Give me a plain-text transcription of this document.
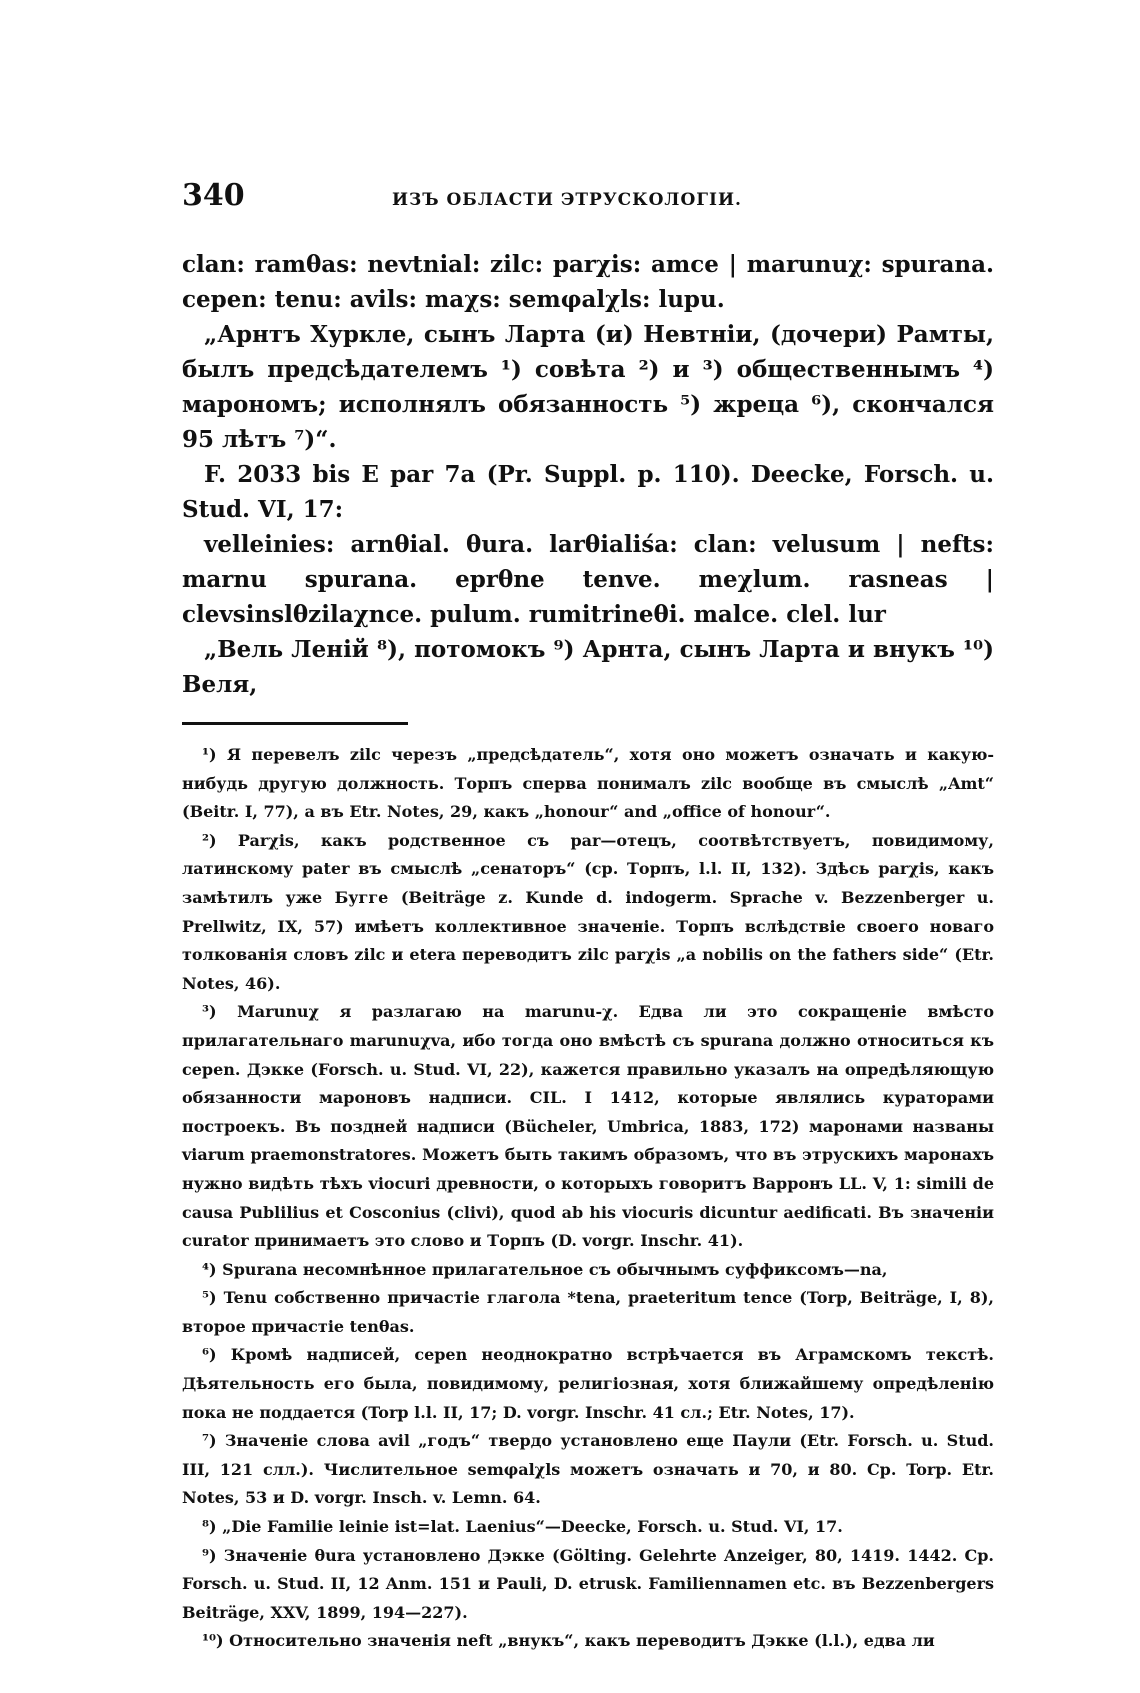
340	ИЗЪ ОБЛАСТИ ЭТРУСКОЛОГІИ.

clan: ramθas: nevtnial: zilc: parχis: amce | marunuχ: spurana. cepen: tenu: avils: maχs: semφalχls: lupu.

„Арнтъ Хуркле, сынъ Ларта (и) Невтніи, (дочери) Рамты, былъ предсѣдателемъ ¹) совѣта ²) и ³) общественнымъ ⁴) марономъ; исполнялъ обязанность ⁵) жреца ⁶), скончался 95 лѣтъ ⁷)“.

F. 2033 bis E par 7a (Pr. Suppl. p. 110). Deecke, Forsch. u. Stud. VI, 17:

velleinies: arnθial. θura. larθialiśa: clan: velusum | nefts: marnu spurana. eprθne tenve. meχlum. rasneas | clevsinslθzilaχnce. pulum. rumitrineθi. malce. clel. lur

„Вель Леній ⁸), потомокъ ⁹) Арнта, сынъ Ларта и внукъ ¹⁰) Веля,

¹) Я перевелъ zilc черезъ „предсѣдатель“, хотя оно можетъ означать и какую-нибудь другую должность. Торпъ сперва понималъ zilc вообще въ смыслѣ „Amt“ (Beitr. I, 77), а въ Etr. Notes, 29, какъ „honour“ and „office of honour“.

²) Parχis, какъ родственное съ par—отецъ, соотвѣтствуетъ, повидимому, латинскому pater въ смыслѣ „сенаторъ“ (ср. Торпъ, l.l. II, 132). Здѣсь parχis, какъ замѣтилъ уже Бугге (Beiträge z. Kunde d. indogerm. Sprache v. Bezzenberger u. Prellwitz, IX, 57) имѣетъ коллективное значеніе. Торпъ вслѣдствіе своего новаго толкованія словъ zilc и etera переводитъ zilc parχis „a nobilis on the fathers side“ (Etr. Notes, 46).

³) Marunuχ я разлагаю на marunu-χ. Едва ли это сокращеніе вмѣсто прилагательнаго marunuχva, ибо тогда оно вмѣстѣ съ spurana должно относиться къ cepen. Дэкке (Forsch. u. Stud. VI, 22), кажется правильно указалъ на опредѣляющую обязанности мароновъ надписи. CIL. I 1412, которые являлись кураторами построекъ. Въ поздней надписи (Bücheler, Umbrica, 1883, 172) маронами названы viarum praemonstratores. Можетъ быть такимъ образомъ, что въ этрускихъ маронахъ нужно видѣть тѣхъ viocuri древности, о которыхъ говоритъ Варронъ LL. V, 1: simili de causa Publilius et Cosconius (clivi), quod ab his viocuris dicuntur aedificati. Въ значеніи curator принимаетъ это слово и Торпъ (D. vorgr. Inschr. 41).

⁴) Spurana несомнѣнное прилагательное съ обычнымъ суффиксомъ—na,

⁵) Tenu собственно причастіе глагола *tena, praeteritum tence (Torp, Beiträge, I, 8), второе причастіе tenθas.

⁶) Кромѣ надписей, cepen неоднократно встрѣчается въ Аграмскомъ текстѣ. Дѣятельность его была, повидимому, религіозная, хотя ближайшему опредѣленію пока не поддается (Torp l.l. II, 17; D. vorgr. Inschr. 41 сл.; Etr. Notes, 17).

⁷) Значеніе слова avil „годъ“ твердо установлено еще Паули (Etr. Forsch. u. Stud. III, 121 слл.). Числительное semφalχls можетъ означать и 70, и 80. Ср. Torp. Etr. Notes, 53 и D. vorgr. Insch. v. Lemn. 64.

⁸) „Die Familie leinie ist=lat. Laenius“—Deecke, Forsch. u. Stud. VI, 17.

⁹) Значеніе θura установлено Дэкке (Gölting. Gelehrte Anzeiger, 80, 1419. 1442. Ср. Forsch. u. Stud. II, 12 Anm. 151 и Pauli, D. etrusk. Familiennamen etc. въ Bezzenbergers Beiträge, XXV, 1899, 194—227).

¹⁰) Относительно значенія neft „внукъ“, какъ переводитъ Дэкке (l.l.), едва ли
